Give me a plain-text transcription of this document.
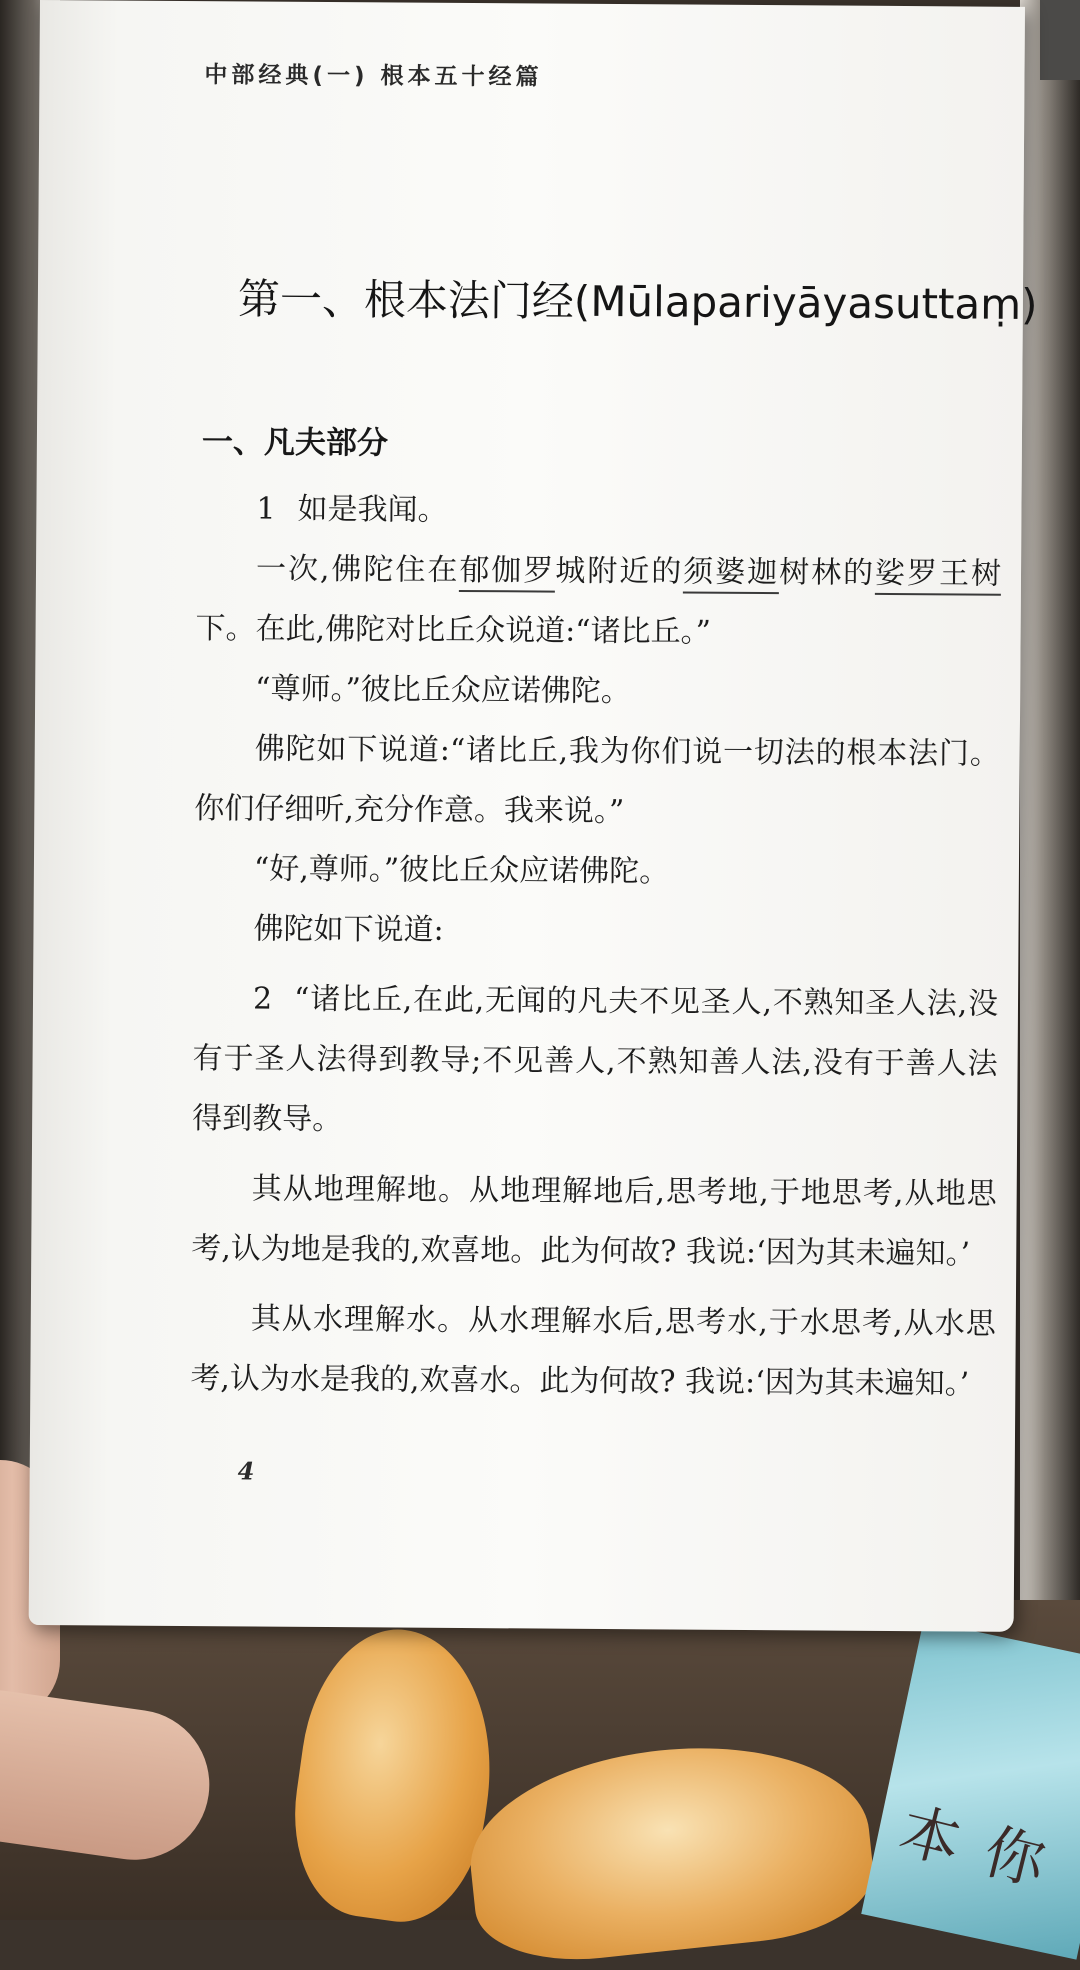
本 你
中部经典(一) 根本五十经篇
第一、根本法门经(Mūlapariyāyasuttaṃ)
一、凡夫部分

1 如是我闻。

一次,佛陀住在郁伽罗城附近的须婆迦树林的娑罗王树下。在此,佛陀对比丘众说道:“诸比丘。”

“尊师。”彼比丘众应诺佛陀。

佛陀如下说道:“诸比丘,我为你们说一切法的根本法门。你们仔细听,充分作意。我来说。”

“好,尊师。”彼比丘众应诺佛陀。

佛陀如下说道:

2 “诸比丘,在此,无闻的凡夫不见圣人,不熟知圣人法,没有于圣人法得到教导;不见善人,不熟知善人法,没有于善人法得到教导。

其从地理解地。从地理解地后,思考地,于地思考,从地思考,认为地是我的,欢喜地。此为何故? 我说:‘因为其未遍知。’

其从水理解水。从水理解水后,思考水,于水思考,从水思考,认为水是我的,欢喜水。此为何故? 我说:‘因为其未遍知。’

4
